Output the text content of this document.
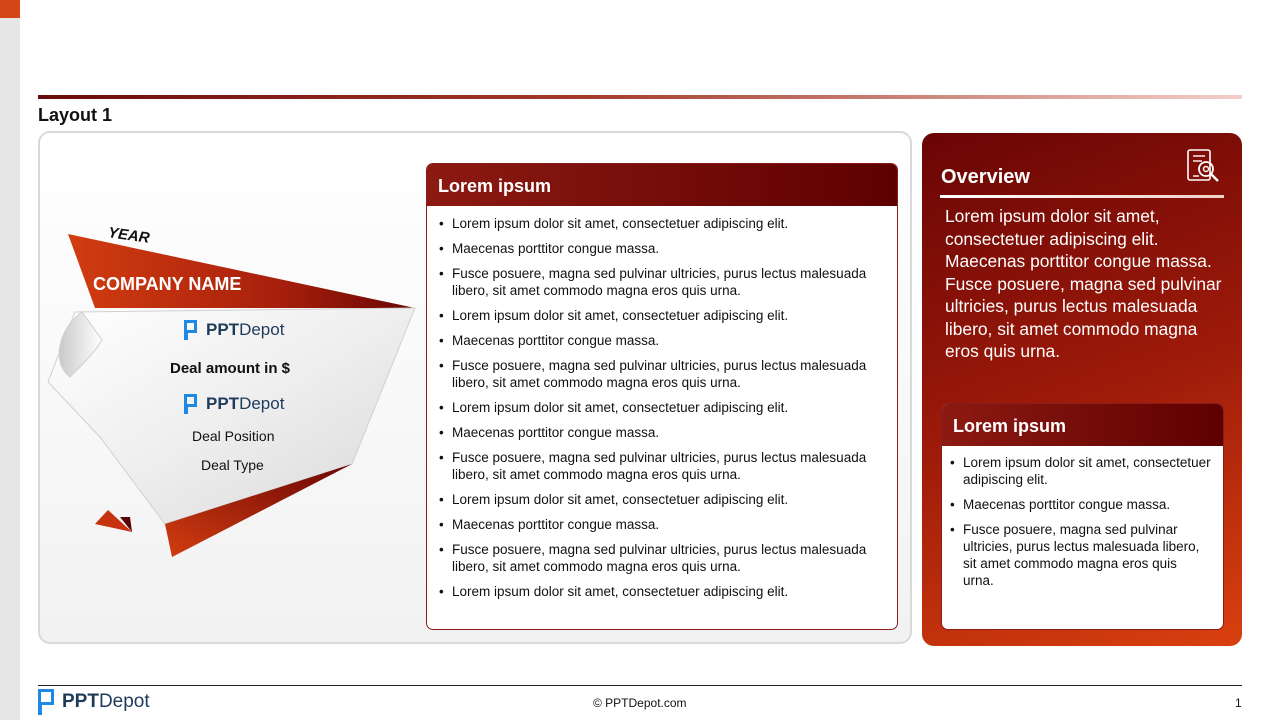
Layout 1
YEAR
COMPANY NAME
PPTDepot
Deal amount in $
PPTDepot
Deal Position
Deal Type
Lorem ipsum
• Lorem ipsum dolor sit amet, consectetuer adipiscing elit.
• Maecenas porttitor congue massa.
• Fusce posuere, magna sed pulvinar ultricies, purus lectus malesuada libero, sit amet commodo magna eros quis urna.
• Lorem ipsum dolor sit amet, consectetuer adipiscing elit.
• Maecenas porttitor congue massa.
• Fusce posuere, magna sed pulvinar ultricies, purus lectus malesuada libero, sit amet commodo magna eros quis urna.
• Lorem ipsum dolor sit amet, consectetuer adipiscing elit.
• Maecenas porttitor congue massa.
• Fusce posuere, magna sed pulvinar ultricies, purus lectus malesuada libero, sit amet commodo magna eros quis urna.
• Lorem ipsum dolor sit amet, consectetuer adipiscing elit.
• Maecenas porttitor congue massa.
• Fusce posuere, magna sed pulvinar ultricies, purus lectus malesuada libero, sit amet commodo magna eros quis urna.
• Lorem ipsum dolor sit amet, consectetuer adipiscing elit.
Overview
Lorem ipsum dolor sit amet, consectetuer adipiscing elit. Maecenas porttitor congue massa. Fusce posuere, magna sed pulvinar ultricies, purus lectus malesuada libero, sit amet commodo magna eros quis urna.
Lorem ipsum
• Lorem ipsum dolor sit amet, consectetuer adipiscing elit.
• Maecenas porttitor congue massa.
• Fusce posuere, magna sed pulvinar ultricies, purus lectus malesuada libero, sit amet commodo magna eros quis urna.
PPTDepot	© PPTDepot.com	1
